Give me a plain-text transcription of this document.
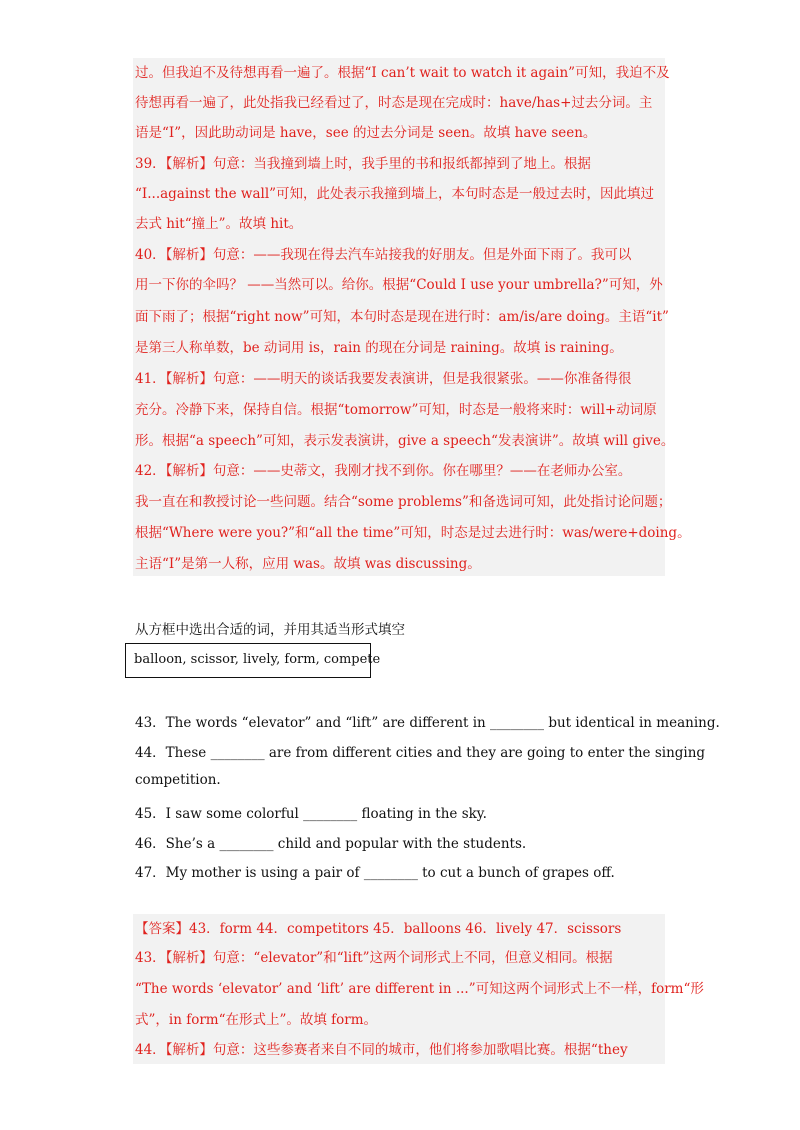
过。但我迫不及待想再看一遍了。根据“I can’t wait to watch it again”可知，我迫不及
待想再看一遍了，此处指我已经看过了，时态是现在完成时：have/has+过去分词。主
语是“I”，因此助动词是 have，see 的过去分词是 seen。故填 have seen。
39．【解析】句意：当我撞到墙上时，我手里的书和报纸都掉到了地上。根据
“I...against the wall”可知，此处表示我撞到墙上，本句时态是一般过去时，因此填过
去式 hit“撞上”。故填 hit。
40．【解析】句意：——我现在得去汽车站接我的好朋友。但是外面下雨了。我可以
用一下你的伞吗？ ——当然可以。给你。根据“Could I use your umbrella?”可知，外
面下雨了；根据“right now”可知，本句时态是现在进行时：am/is/are doing。主语“it”
是第三人称单数，be 动词用 is，rain 的现在分词是 raining。故填 is raining。
41．【解析】句意：——明天的谈话我要发表演讲，但是我很紧张。——你准备得很
充分。冷静下来，保持自信。根据“tomorrow”可知，时态是一般将来时：will+动词原
形。根据“a speech”可知，表示发表演讲，give a speech“发表演讲”。故填 will give。
42．【解析】句意：——史蒂文，我刚才找不到你。你在哪里？——在老师办公室。
我一直在和教授讨论一些问题。结合“some problems”和备选词可知，此处指讨论问题；
根据“Where were you?”和“all the time”可知，时态是过去进行时：was/were+doing。
主语“I”是第一人称，应用 was。故填 was discussing。
从方框中选出合适的词，并用其适当形式填空
balloon, scissor, lively, form, compete
43．The words “elevator” and “lift” are different in ________ but identical in meaning.
44．These ________ are from different cities and they are going to enter the singing
competition.
45．I saw some colorful ________ floating in the sky.
46．She’s a ________ child and popular with the students.
47．My mother is using a pair of ________ to cut a bunch of grapes off.
【答案】43．form 44．competitors 45．balloons 46．lively 47．scissors
43．【解析】句意：“elevator”和“lift”这两个词形式上不同，但意义相同。根据
“The words ‘elevator’ and ‘lift’ are different in ...”可知这两个词形式上不一样，form“形
式”，in form“在形式上”。故填 form。
44．【解析】句意：这些参赛者来自不同的城市，他们将参加歌唱比赛。根据“they
